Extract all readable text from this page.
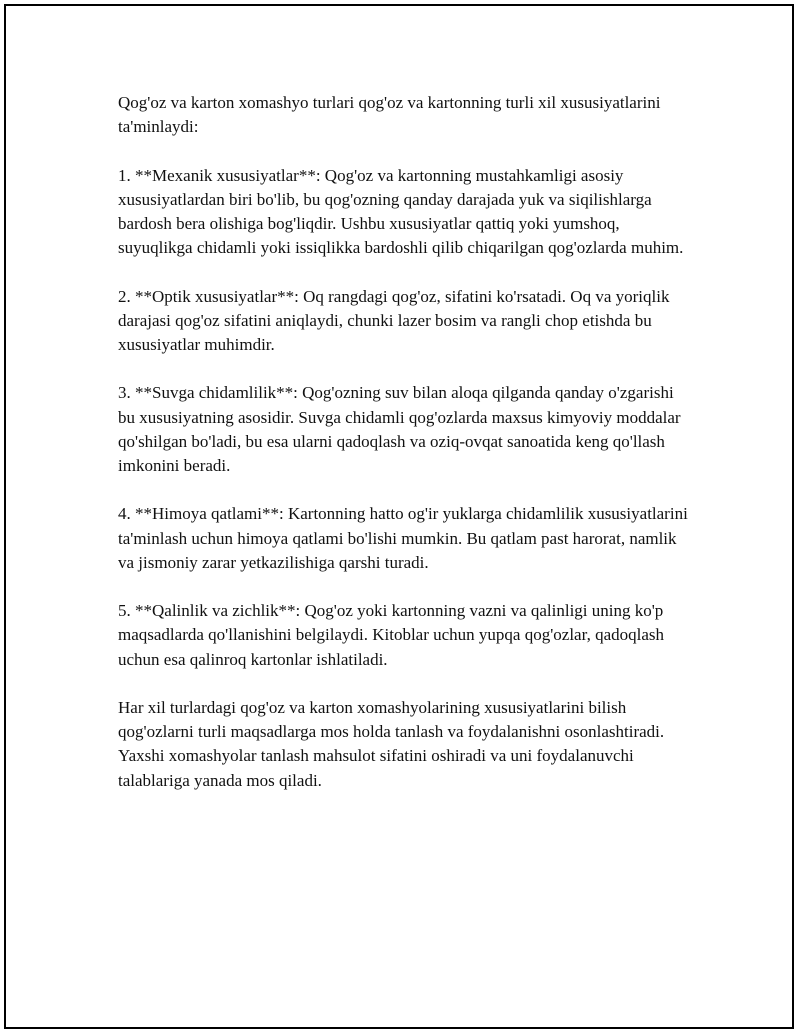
Qog'oz va karton xomashyo turlari qog'oz va kartonning turli xil xususiyatlarini ta'minlaydi:

1. **Mexanik xususiyatlar**: Qog'oz va kartonning mustahkamligi asosiy xususiyatlardan biri bo'lib, bu qog'ozning qanday darajada yuk va siqilishlarga bardosh bera olishiga bog'liqdir. Ushbu xususiyatlar qattiq yoki yumshoq, suyuqlikga chidamli yoki issiqlikka bardoshli qilib chiqarilgan qog'ozlarda muhim.

2. **Optik xususiyatlar**: Oq rangdagi qog'oz, sifatini ko'rsatadi. Oq va yoriqlik darajasi qog'oz sifatini aniqlaydi, chunki lazer bosim va rangli chop etishda bu xususiyatlar muhimdir.

3. **Suvga chidamlilik**: Qog'ozning suv bilan aloqa qilganda qanday o'zgarishi bu xususiyatning asosidir. Suvga chidamli qog'ozlarda maxsus kimyoviy moddalar qo'shilgan bo'ladi, bu esa ularni qadoqlash va oziq-ovqat sanoatida keng qo'llash imkonini beradi.

4. **Himoya qatlami**: Kartonning hatto og'ir yuklarga chidamlilik xususiyatlarini ta'minlash uchun himoya qatlami bo'lishi mumkin. Bu qatlam past harorat, namlik va jismoniy zarar yetkazilishiga qarshi turadi.

5. **Qalinlik va zichlik**: Qog'oz yoki kartonning vazni va qalinligi uning ko'p maqsadlarda qo'llanishini belgilaydi. Kitoblar uchun yupqa qog'ozlar, qadoqlash uchun esa qalinroq kartonlar ishlatiladi.

Har xil turlardagi qog'oz va karton xomashyolarining xususiyatlarini bilish qog'ozlarni turli maqsadlarga mos holda tanlash va foydalanishni osonlashtiradi. Yaxshi xomashyolar tanlash mahsulot sifatini oshiradi va uni foydalanuvchi talablariga yanada mos qiladi.
